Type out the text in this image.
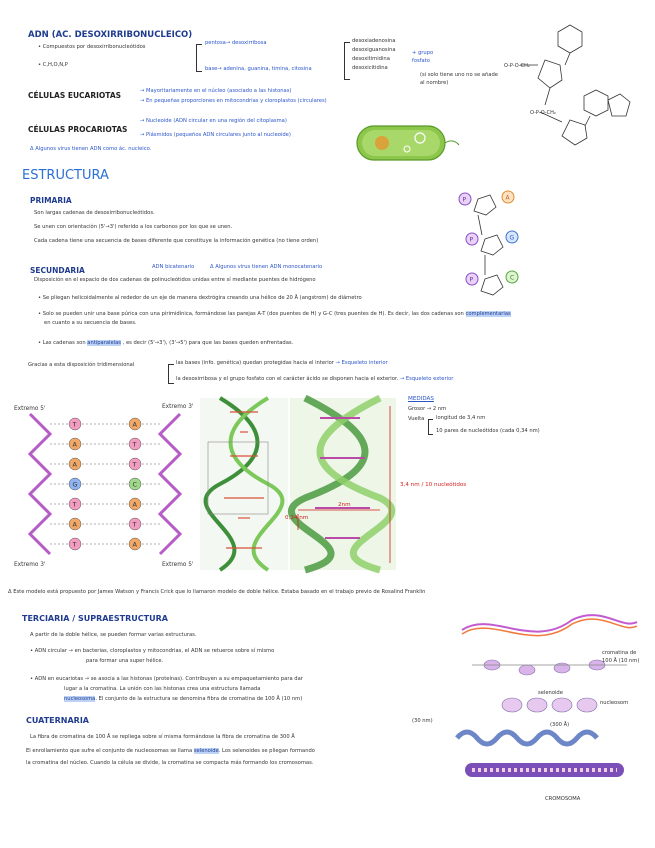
ADN (AC. DESOXIRRIBONUCLEICO)
• Compuestos por desoxirribonucleótidos
• C,H,O,N,P
pentosa→ desoxirribosa
base→ adenina, guanina, timina, citosina
desoxiadenosina
desoxiguanosina
desoxitimidina
desoxicitidina
+ grupo fosfato
(si solo tiene uno no se añade al nombre)
O-P-O-CH₂
O-P-O-CH₂
CÉLULAS EUCARIOTAS	→ Mayoritariamente en el núcleo (asociado a las histonas)
→ En pequeñas proporciones en mitocondrias y cloroplastos (circulares)
CÉLULAS PROCARIOTAS
→ Nucleoide (ADN circular en una región del citoplasma)
→ Plásmidos (pequeños ADN circulares junto al nucleoide)
Δ Algunos virus tienen ADN como ác. nucleico.
ESTRUCTURA
PRIMARIA
Son largas cadenas de desoxirribonucleótidos.
Se unen con orientación (5'→3') referido a los carbonos por los que se unen.
Cada cadena tiene una secuencia de bases diferente que constituye la información genética (no tiene orden)
P	A
P	G
P	C
SECUNDARIA	ADN bicatenario	Δ Algunos virus tienen ADN monocatenario
Disposición en el espacio de dos cadenas de polinucleótidos unidas entre sí mediante puentes de hidrógeno
• Se pliegan helicoidalmente al rededor de un eje de manera dextrógira creando una hélice de 20 Å (angstrom) de diámetro
• Solo se pueden unir una base púrica con una pirimidínica, formándose las parejas A-T (dos puentes de H) y G-C (tres puentes de H). Es decir, las dos cadenas son complementarias
en cuanto a su secuencia de bases.
• Las cadenas son antiparalelas , es decir (5'→3'), (3'→5') para que las bases queden enfrentadas.
Gracias a esta disposición tridimensional	las bases (info. genética) quedan protegidas hacia el interior → Esqueleto interior
la desoxirribosa y el grupo fosfato con el carácter ácido se disponen hacia el exterior. → Esqueleto exterior
MEDIDAS
Grosor → 2 nm
Vuelta longitud de 3,4 nm
10 pares de nucleótidos (cada 0,34 nm)
Extremo 5'	Extremo 3'
Extremo 3'	Extremo 5'
T	A
A	T
A	T
G	C
T	A
A	T
T	A
3,4 nm / 10 nucleótidos
2nm
0,34 nm
Δ Este modelo está propuesto por James Watson y Francis Crick que lo llamaron modelo de doble hélice. Estaba basado en el trabajo previo de Rosalind Franklin
TERCIARIA / SUPRAESTRUCTURA
A partir de la doble hélice, se pueden formar varias estructuras.
• ADN circular → en bacterias, cloroplastos y mitocondrias, el ADN se retuerce sobre sí mismo
para formar una super hélice.
• ADN en eucariotas → se asocia a las histonas (proteínas). Contribuyen a su empaquetamiento para dar
lugar a la cromatina. La unión con las histonas crea una estructura llamada
nucleosoma. El conjunto de la estructura se denomina fibra de cromatina de 100 Å (10 nm)
CUATERNARIA	(30 nm)
La fibra de cromatina de 100 Å se repliega sobre sí misma formándose la fibra de cromatina de 300 Å
El enrollamiento que sufre el conjunto de nucleosomas se llama selenoide. Los selenoides se pliegan formando
la cromatina del núcleo. Cuando la célula se divide, la cromatina se compacta más formando los cromosomas.
cromatina de 100 Å (10 nm)
selenoide
nucleosom
(300 Å)
CROMOSOMA
